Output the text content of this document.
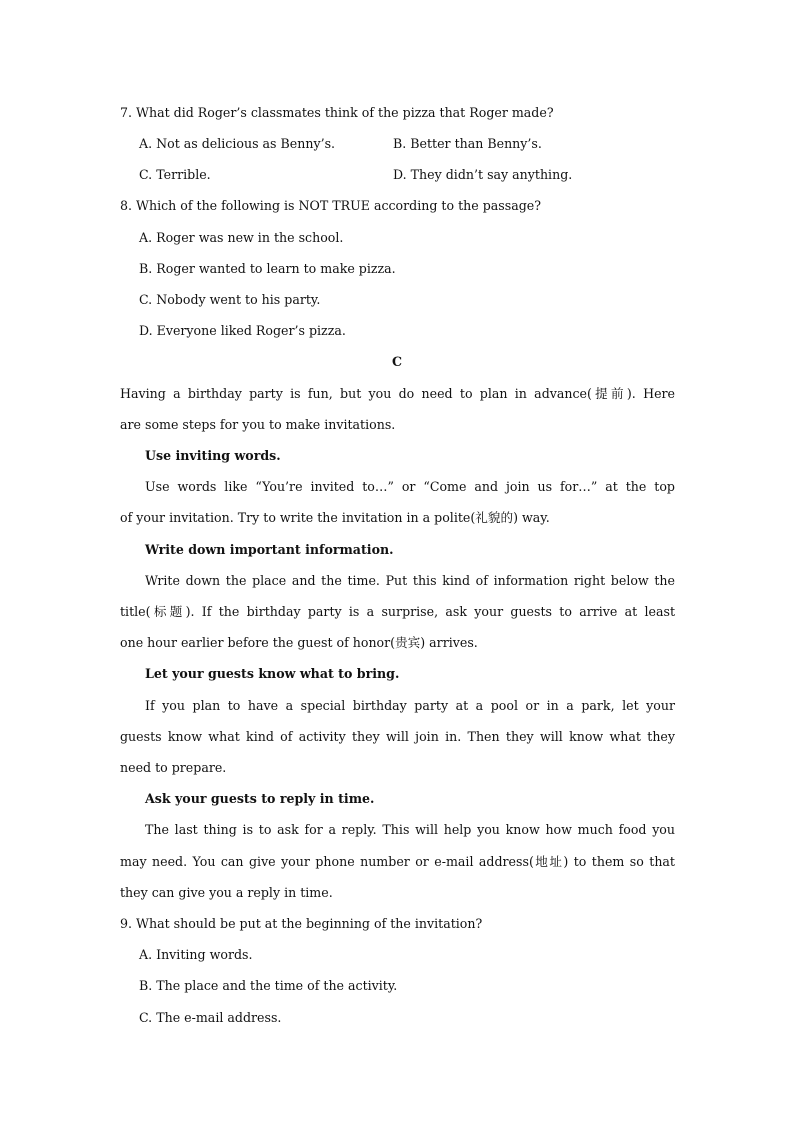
7. What did Roger’s classmates think of the pizza that Roger made?
A. Not as delicious as Benny’s.	B. Better than Benny’s.
C. Terrible.	D. They didn’t say anything.
8. Which of the following is NOT TRUE according to the passage?
A. Roger was new in the school.
B. Roger wanted to learn to make pizza.
C. Nobody went to his party.
D. Everyone liked Roger’s pizza.
C
Having a birthday party is fun, but you do need to plan in advance(提前). Here
are some steps for you to make invitations.
Use inviting words.
Use words like “You’re invited to…” or “Come and join us for…” at the top
of your invitation. Try to write the invitation in a polite(礼貌的) way.
Write down important information.
Write down the place and the time. Put this kind of information right below the
title(标题). If the birthday party is a surprise, ask your guests to arrive at least
one hour earlier before the guest of honor(贵宾) arrives.
Let your guests know what to bring.
If you plan to have a special birthday party at a pool or in a park, let your
guests know what kind of activity they will join in. Then they will know what they
need to prepare.
Ask your guests to reply in time.
The last thing is to ask for a reply. This will help you know how much food you
may need. You can give your phone number or e-mail address(地址) to them so that
they can give you a reply in time.
9. What should be put at the beginning of the invitation?
A. Inviting words.
B. The place and the time of the activity.
C. The e-mail address.
